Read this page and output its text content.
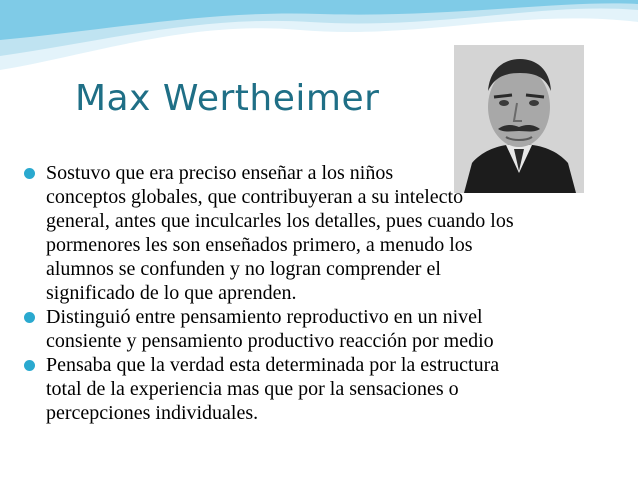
Max Wertheimer
Sostuvo que era preciso enseñar a los niños
conceptos globales, que contribuyeran a su intelecto
general, antes que inculcarles los detalles, pues cuando los
pormenores les son enseñados primero, a menudo los
alumnos se confunden y no logran comprender el
significado de lo que aprenden.
Distinguió entre pensamiento reproductivo en un nivel
consiente y pensamiento productivo reacción por medio
Pensaba que la verdad esta determinada por la estructura
total de la experiencia mas que por la sensaciones o
percepciones individuales.
